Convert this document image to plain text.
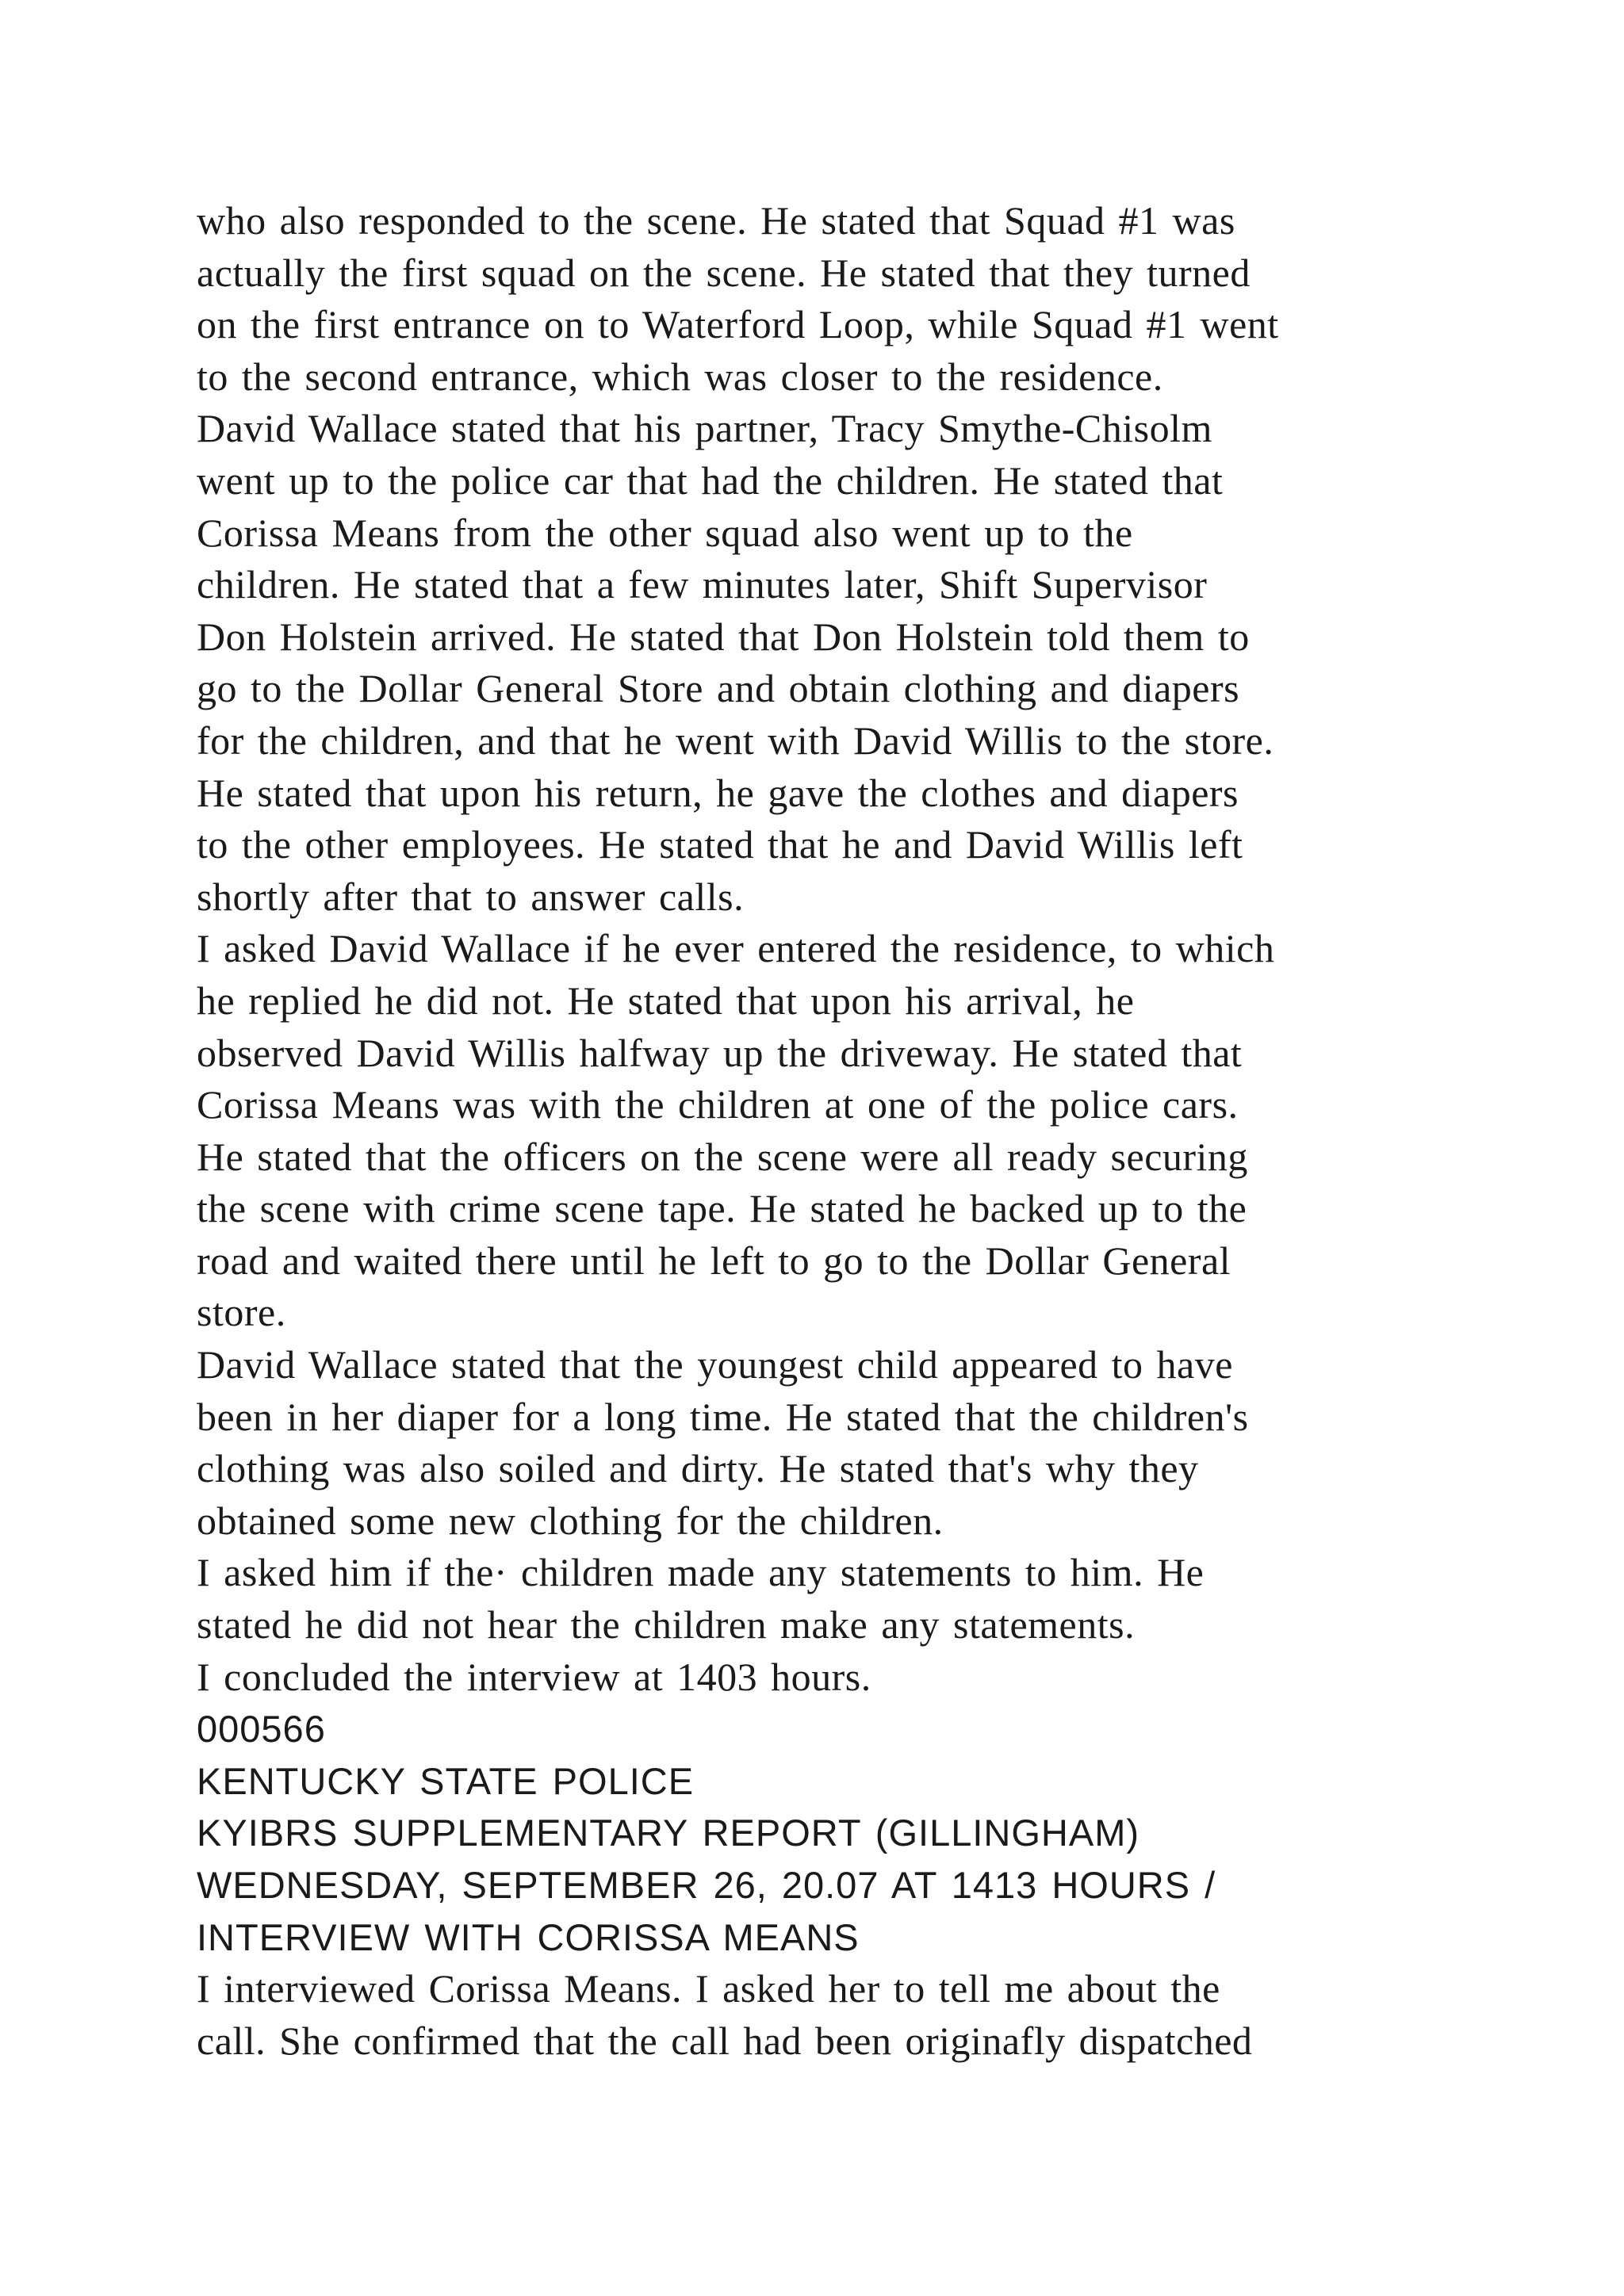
who also responded to the scene. He stated that Squad #1 was
actually the first squad on the scene. He stated that they turned
on the first entrance on to Waterford Loop, while Squad #1 went
to the second entrance, which was closer to the residence.
David Wallace stated that his partner, Tracy Smythe-Chisolm
went up to the police car that had the children. He stated that
Corissa Means from the other squad also went up to the
children. He stated that a few minutes later, Shift Supervisor
Don Holstein arrived. He stated that Don Holstein told them to
go to the Dollar General Store and obtain clothing and diapers
for the children, and that he went with David Willis to the store.
He stated that upon his return, he gave the clothes and diapers
to the other employees. He stated that he and David Willis left
shortly after that to answer calls.
I asked David Wallace if he ever entered the residence, to which
he replied he did not. He stated that upon his arrival, he
observed David Willis halfway up the driveway. He stated that
Corissa Means was with the children at one of the police cars.
He stated that the officers on the scene were all ready securing
the scene with crime scene tape. He stated he backed up to the
road and waited there until he left to go to the Dollar General
store.
David Wallace stated that the youngest child appeared to have
been in her diaper for a long time. He stated that the children's
clothing was also soiled and dirty. He stated that's why they
obtained some new clothing for the children.
I asked him if the· children made any statements to him. He
stated he did not hear the children make any statements.
I concluded the interview at 1403 hours.
000566
KENTUCKY STATE POLICE
KYIBRS SUPPLEMENTARY REPORT (GILLINGHAM)
WEDNESDAY, SEPTEMBER 26, 20.07 AT 1413 HOURS /
INTERVIEW WITH CORISSA MEANS
I interviewed Corissa Means. I asked her to tell me about the
call. She confirmed that the call had been originafly dispatched
